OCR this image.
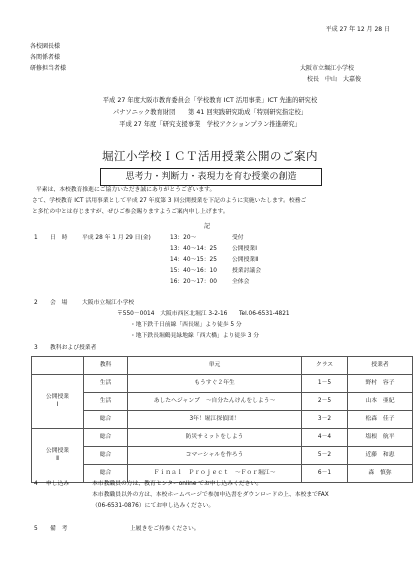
平成 27 年 12 月 28 日
各校園長様
各関係者様
研修担当者様	大阪市立堀江小学校
校長　中山　大嘉俊
平成 27 年度大阪市教育委員会「学校教育 ICT 活用事業」ICT 先進的研究校
パナソニック教育財団　　第 41 回実践研究助成「特別研究指定校」
平成 27 年度「研究支援事業　学校アクションプラン推進研究」
堀江小学校ＩＣＴ活用授業公開のご案内
思考力・判断力・表現力を育む授業の創造
平素は、本校教育推進にご協力いただき誠にありがとうございます。
さて、学校教育 ICT 活用事業として平成 27 年度第 3 回公開授業を下記のように実施いたします。校務ご
と多忙の中とは存じますが、ぜひご参会賜りますようご案内申し上げます。
記
1 日　時	平成 28 年 1 月 29 日(金)	13：20～	受付
13：40～14：25	公開授業Ⅰ
14：40～15：25	公開授業Ⅱ
15：40～16：10	授業討議会
16：20～17：00	全体会
2 会　場	大阪市立堀江小学校
〒550－0014　大阪市西区北堀江 3-2-16　　Tel.06-6531-4821
・地下鉄千日前線「西長堀」より徒歩 5 分
・地下鉄長堀鶴見緑地線「西大橋」より徒歩 3 分
3 教科および授業者
	教科	単元	クラス	授業者
公開授業
Ⅰ	生活	もうすぐ２年生	1－5	野村　容子
	生活	あしたへジャンプ　～自分たんけんをしよう～	2－5	山本　亜紀
	総合	3年！堀江探偵団！	3－2	松森　佳子
公開授業
Ⅱ	総合	防災サミットをしよう	4－4	塩根　航平
	総合	コマーシャルを作ろう	5－2	近藤　和恵
	総合	Ｆｉｎａｌ　Ｐｒｏｊｅｃｔ　～Ｆｏｒ堀江～	6－1	森　慎弥
4 申し込み	本市教職員の方は、教育センターonline でお申し込みください。
本市教職員以外の方は、本校ホームページで参加申込書をダウンロードの上、本校までFAX
（06-6531-0876）にてお申し込みください。
5 備　考	上履きをご持参ください。
